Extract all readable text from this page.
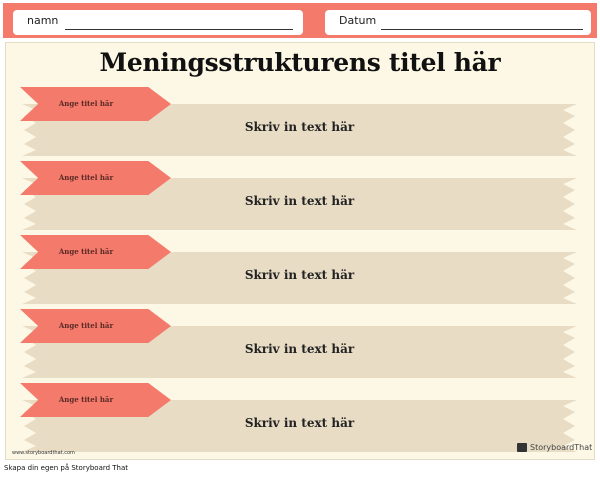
namn	Datum
Meningsstrukturens titel här
Skriv in text här
Ange titel här
Skriv in text här
Ange titel här
Skriv in text här
Ange titel här
Skriv in text här
Ange titel här
Skriv in text här
Ange titel här
www.storyboardthat.com
StoryboardThat
Skapa din egen på Storyboard That
